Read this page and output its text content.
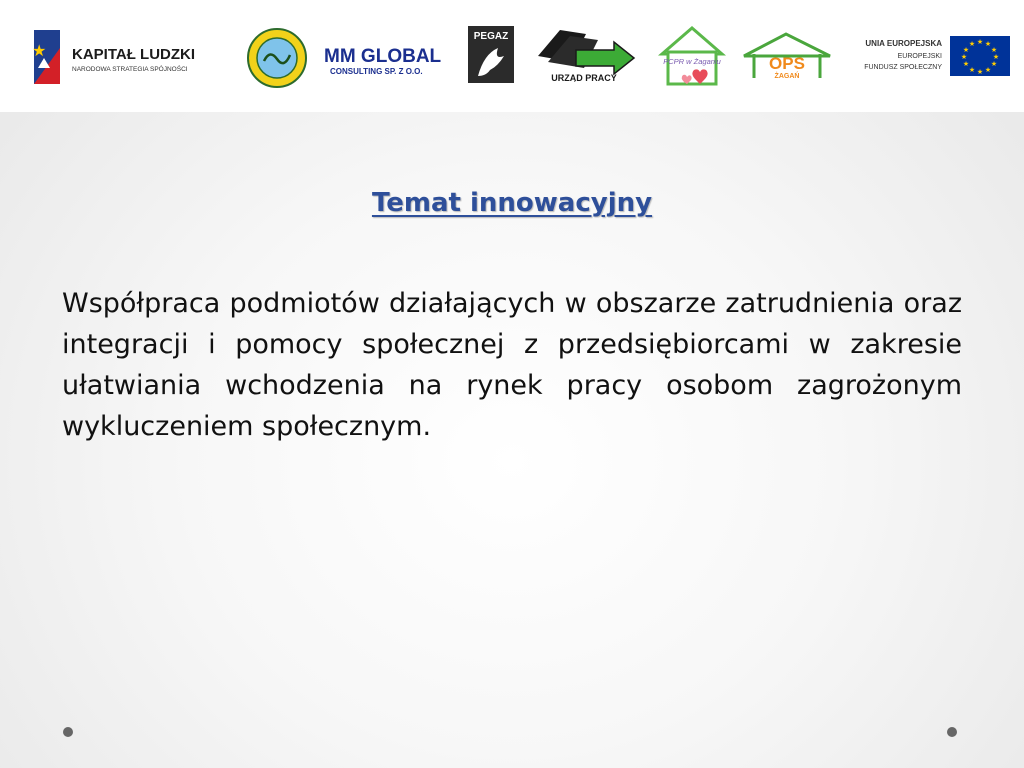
★ KAPITAŁ LUDZKI
NARODOWA STRATEGIA SPÓJNOŚCI
MM GLOBAL
CONSULTING SP. Z O.O.
PEGAZ
URZĄD PRACY
PCPR w Żaganiu	OPS
ŻAGAŃ
UNIA EUROPEJSKA
EUROPEJSKI
FUNDUSZ SPOŁECZNY
★ ★
★
★
★
★
★
★
★
★
★
★
Temat innowacyjny

Współpraca podmiotów działających w obszarze zatrudnienia oraz integracji i pomocy społecznej z przedsiębiorcami w zakresie ułatwiania wchodzenia na rynek pracy osobom zagrożonym wykluczeniem społecznym.
